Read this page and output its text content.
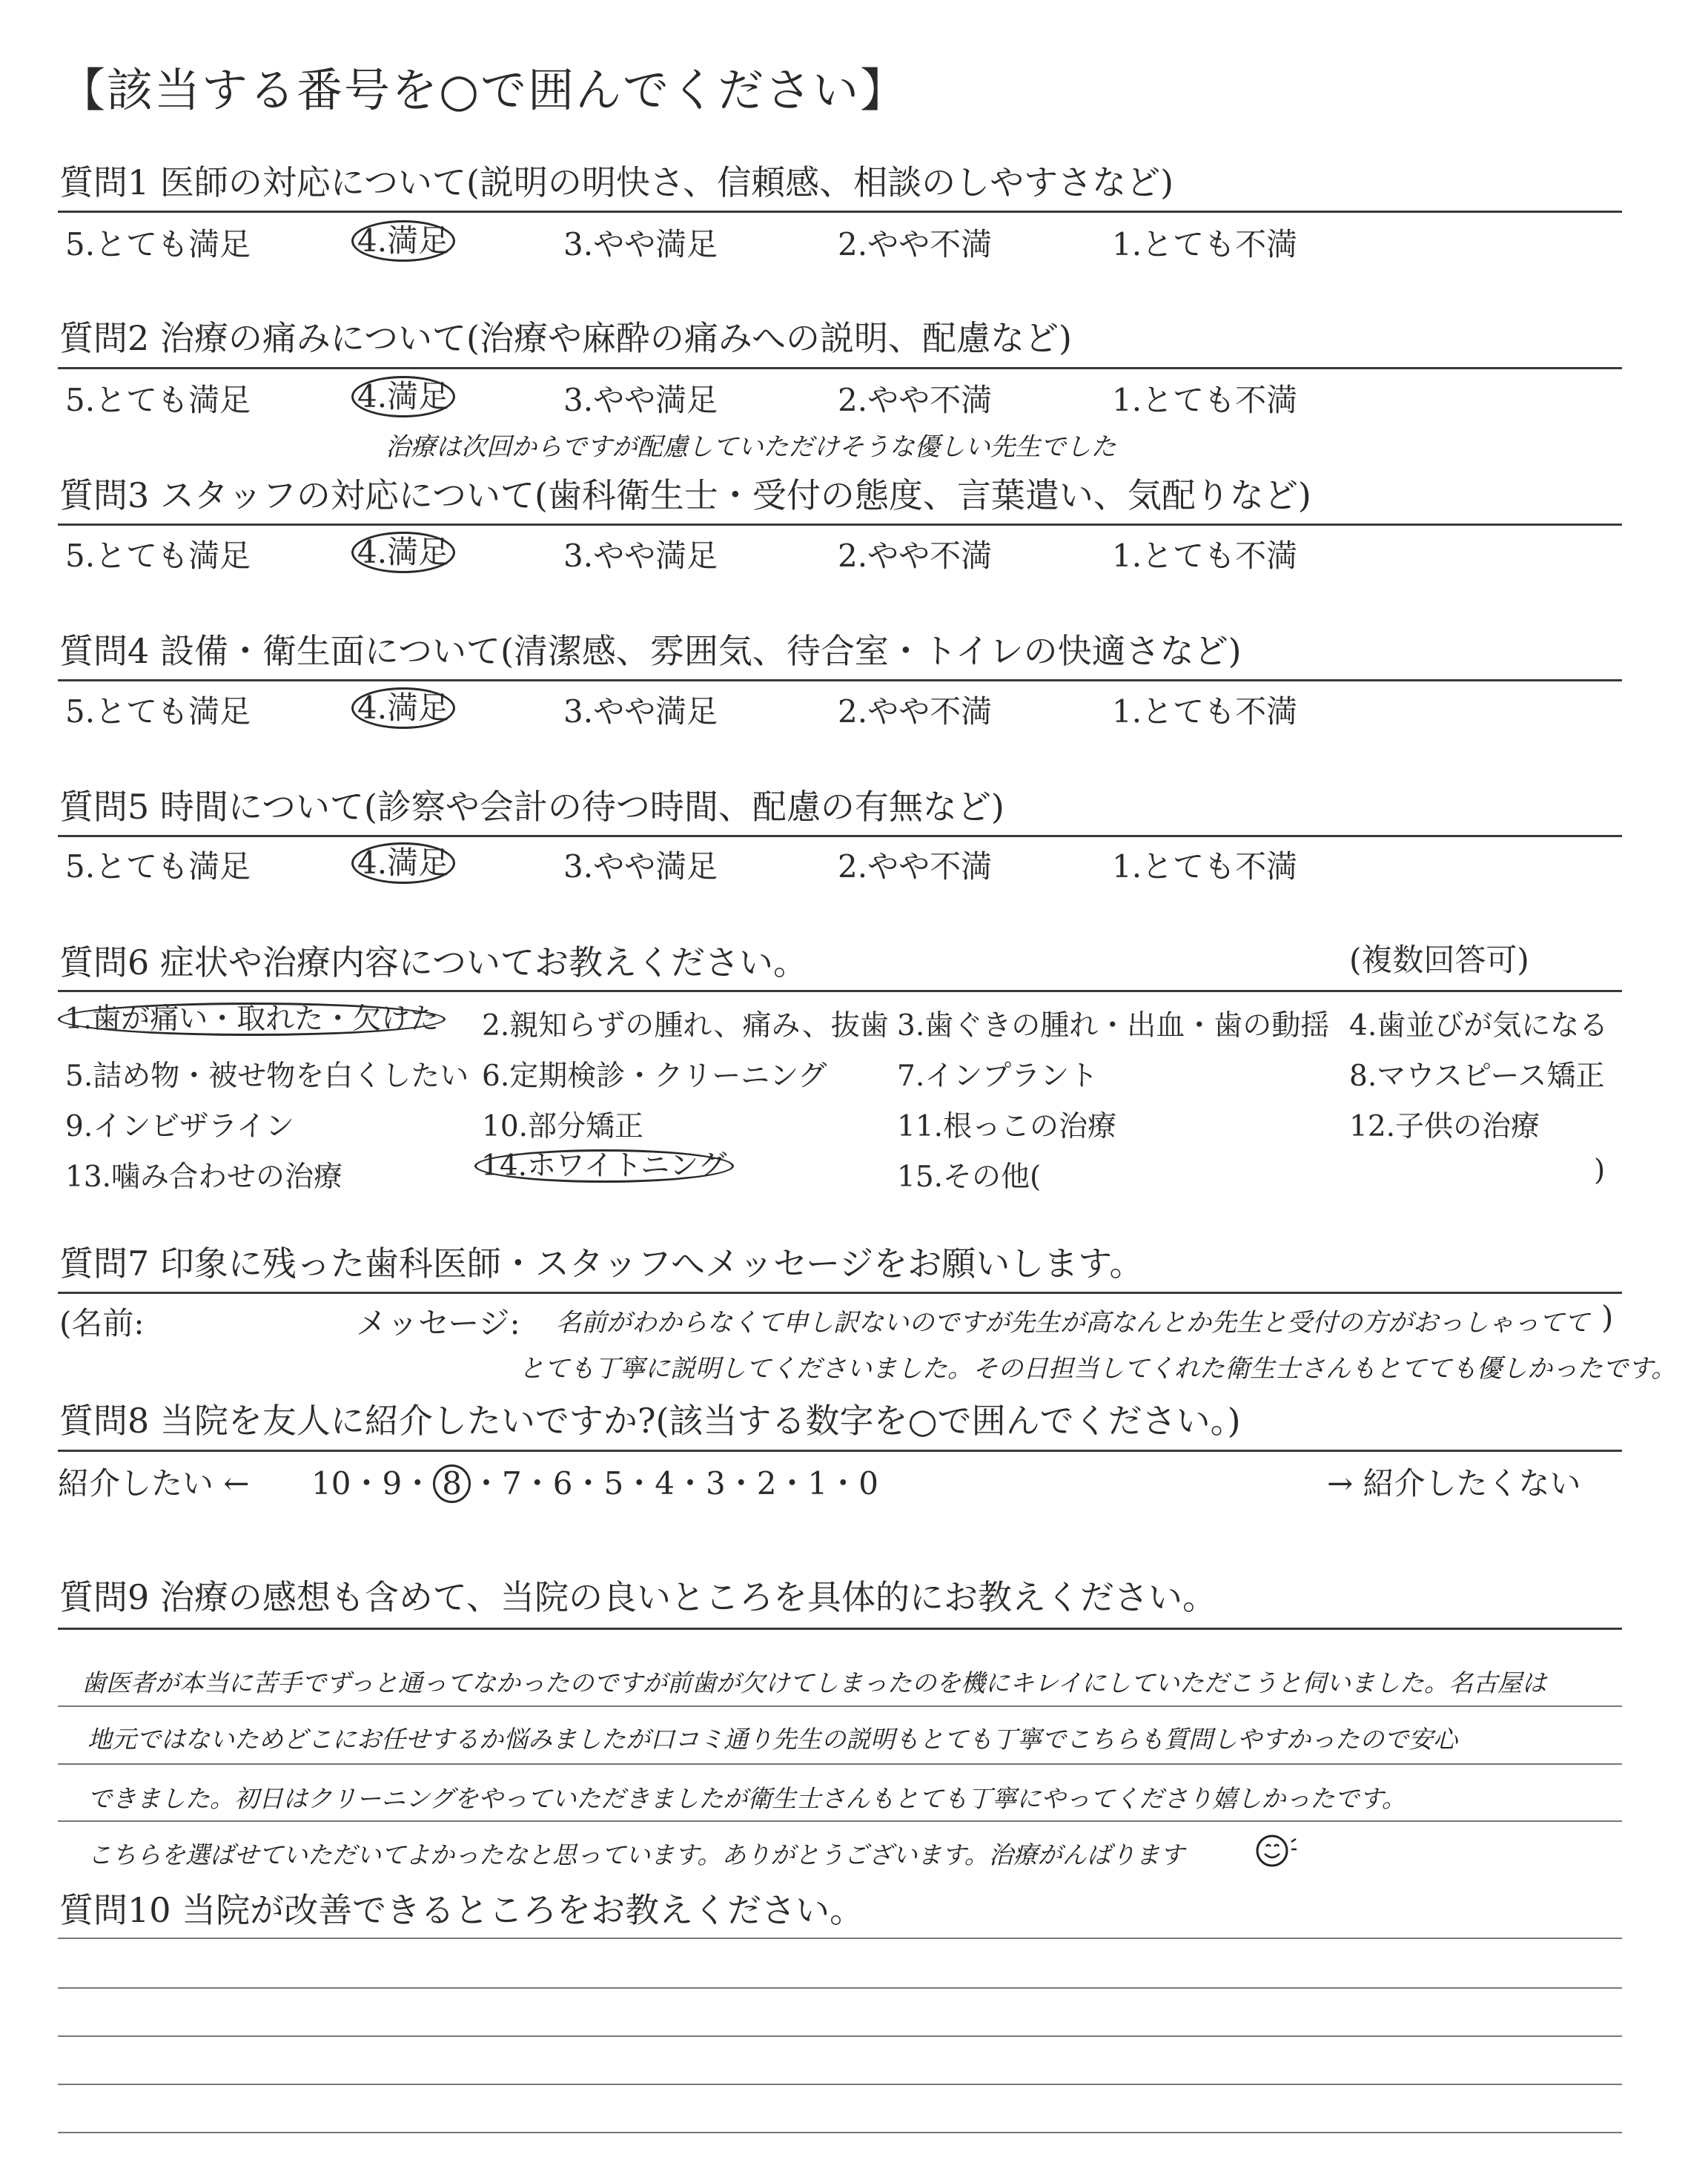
【該当する番号を○で囲んでください】
質問1 医師の対応について(説明の明快さ、信頼感、相談のしやすさなど)
5.とても満足	4.満足	3.やや満足	2.やや不満	1.とても不満
質問2 治療の痛みについて(治療や麻酔の痛みへの説明、配慮など)
5.とても満足	4.満足	3.やや満足	2.やや不満	1.とても不満
治療は次回からですが配慮していただけそうな優しい先生でした
質問3 スタッフの対応について(歯科衛生士・受付の態度、言葉遣い、気配りなど)
5.とても満足	4.満足	3.やや満足	2.やや不満	1.とても不満
質問4 設備・衛生面について(清潔感、雰囲気、待合室・トイレの快適さなど)
5.とても満足	4.満足	3.やや満足	2.やや不満	1.とても不満
質問5 時間について(診察や会計の待つ時間、配慮の有無など)
5.とても満足	4.満足	3.やや満足	2.やや不満	1.とても不満
質問6 症状や治療内容についてお教えください。	(複数回答可)
1.歯が痛い・取れた・欠けた 2.親知らずの腫れ、痛み、抜歯 3.歯ぐきの腫れ・出血・歯の動揺 4.歯並びが気になる
5.詰め物・被せ物を白くしたい 6.定期検診・クリーニング 7.インプラント	8.マウスピース矯正
9.インビザライン	10.部分矯正	11.根っこの治療	12.子供の治療
13.噛み合わせの治療	14.ホワイトニング	15.その他(	)
質問7 印象に残った歯科医師・スタッフへメッセージをお願いします。
(名前:	メッセージ: 名前がわからなくて申し訳ないのですが先生が高なんとか先生と受付の方がおっしゃってて )
とても丁寧に説明してくださいました。その日担当してくれた衛生士さんもとてても優しかったです。
質問8 当院を友人に紹介したいですか?(該当する数字を○で囲んでください。)
紹介したい ← 10・9・ 8 ・7・6・5・4・3・2・1・0	→ 紹介したくない
質問9 治療の感想も含めて、当院の良いところを具体的にお教えください。
歯医者が本当に苦手でずっと通ってなかったのですが前歯が欠けてしまったのを機にキレイにしていただこうと伺いました。名古屋は
地元ではないためどこにお任せするか悩みましたが口コミ通り先生の説明もとても丁寧でこちらも質問しやすかったので安心
できました。初日はクリーニングをやっていただきましたが衛生士さんもとても丁寧にやってくださり嬉しかったです。
こちらを選ばせていただいてよかったなと思っています。ありがとうございます。治療がんばります
質問10 当院が改善できるところをお教えください。
